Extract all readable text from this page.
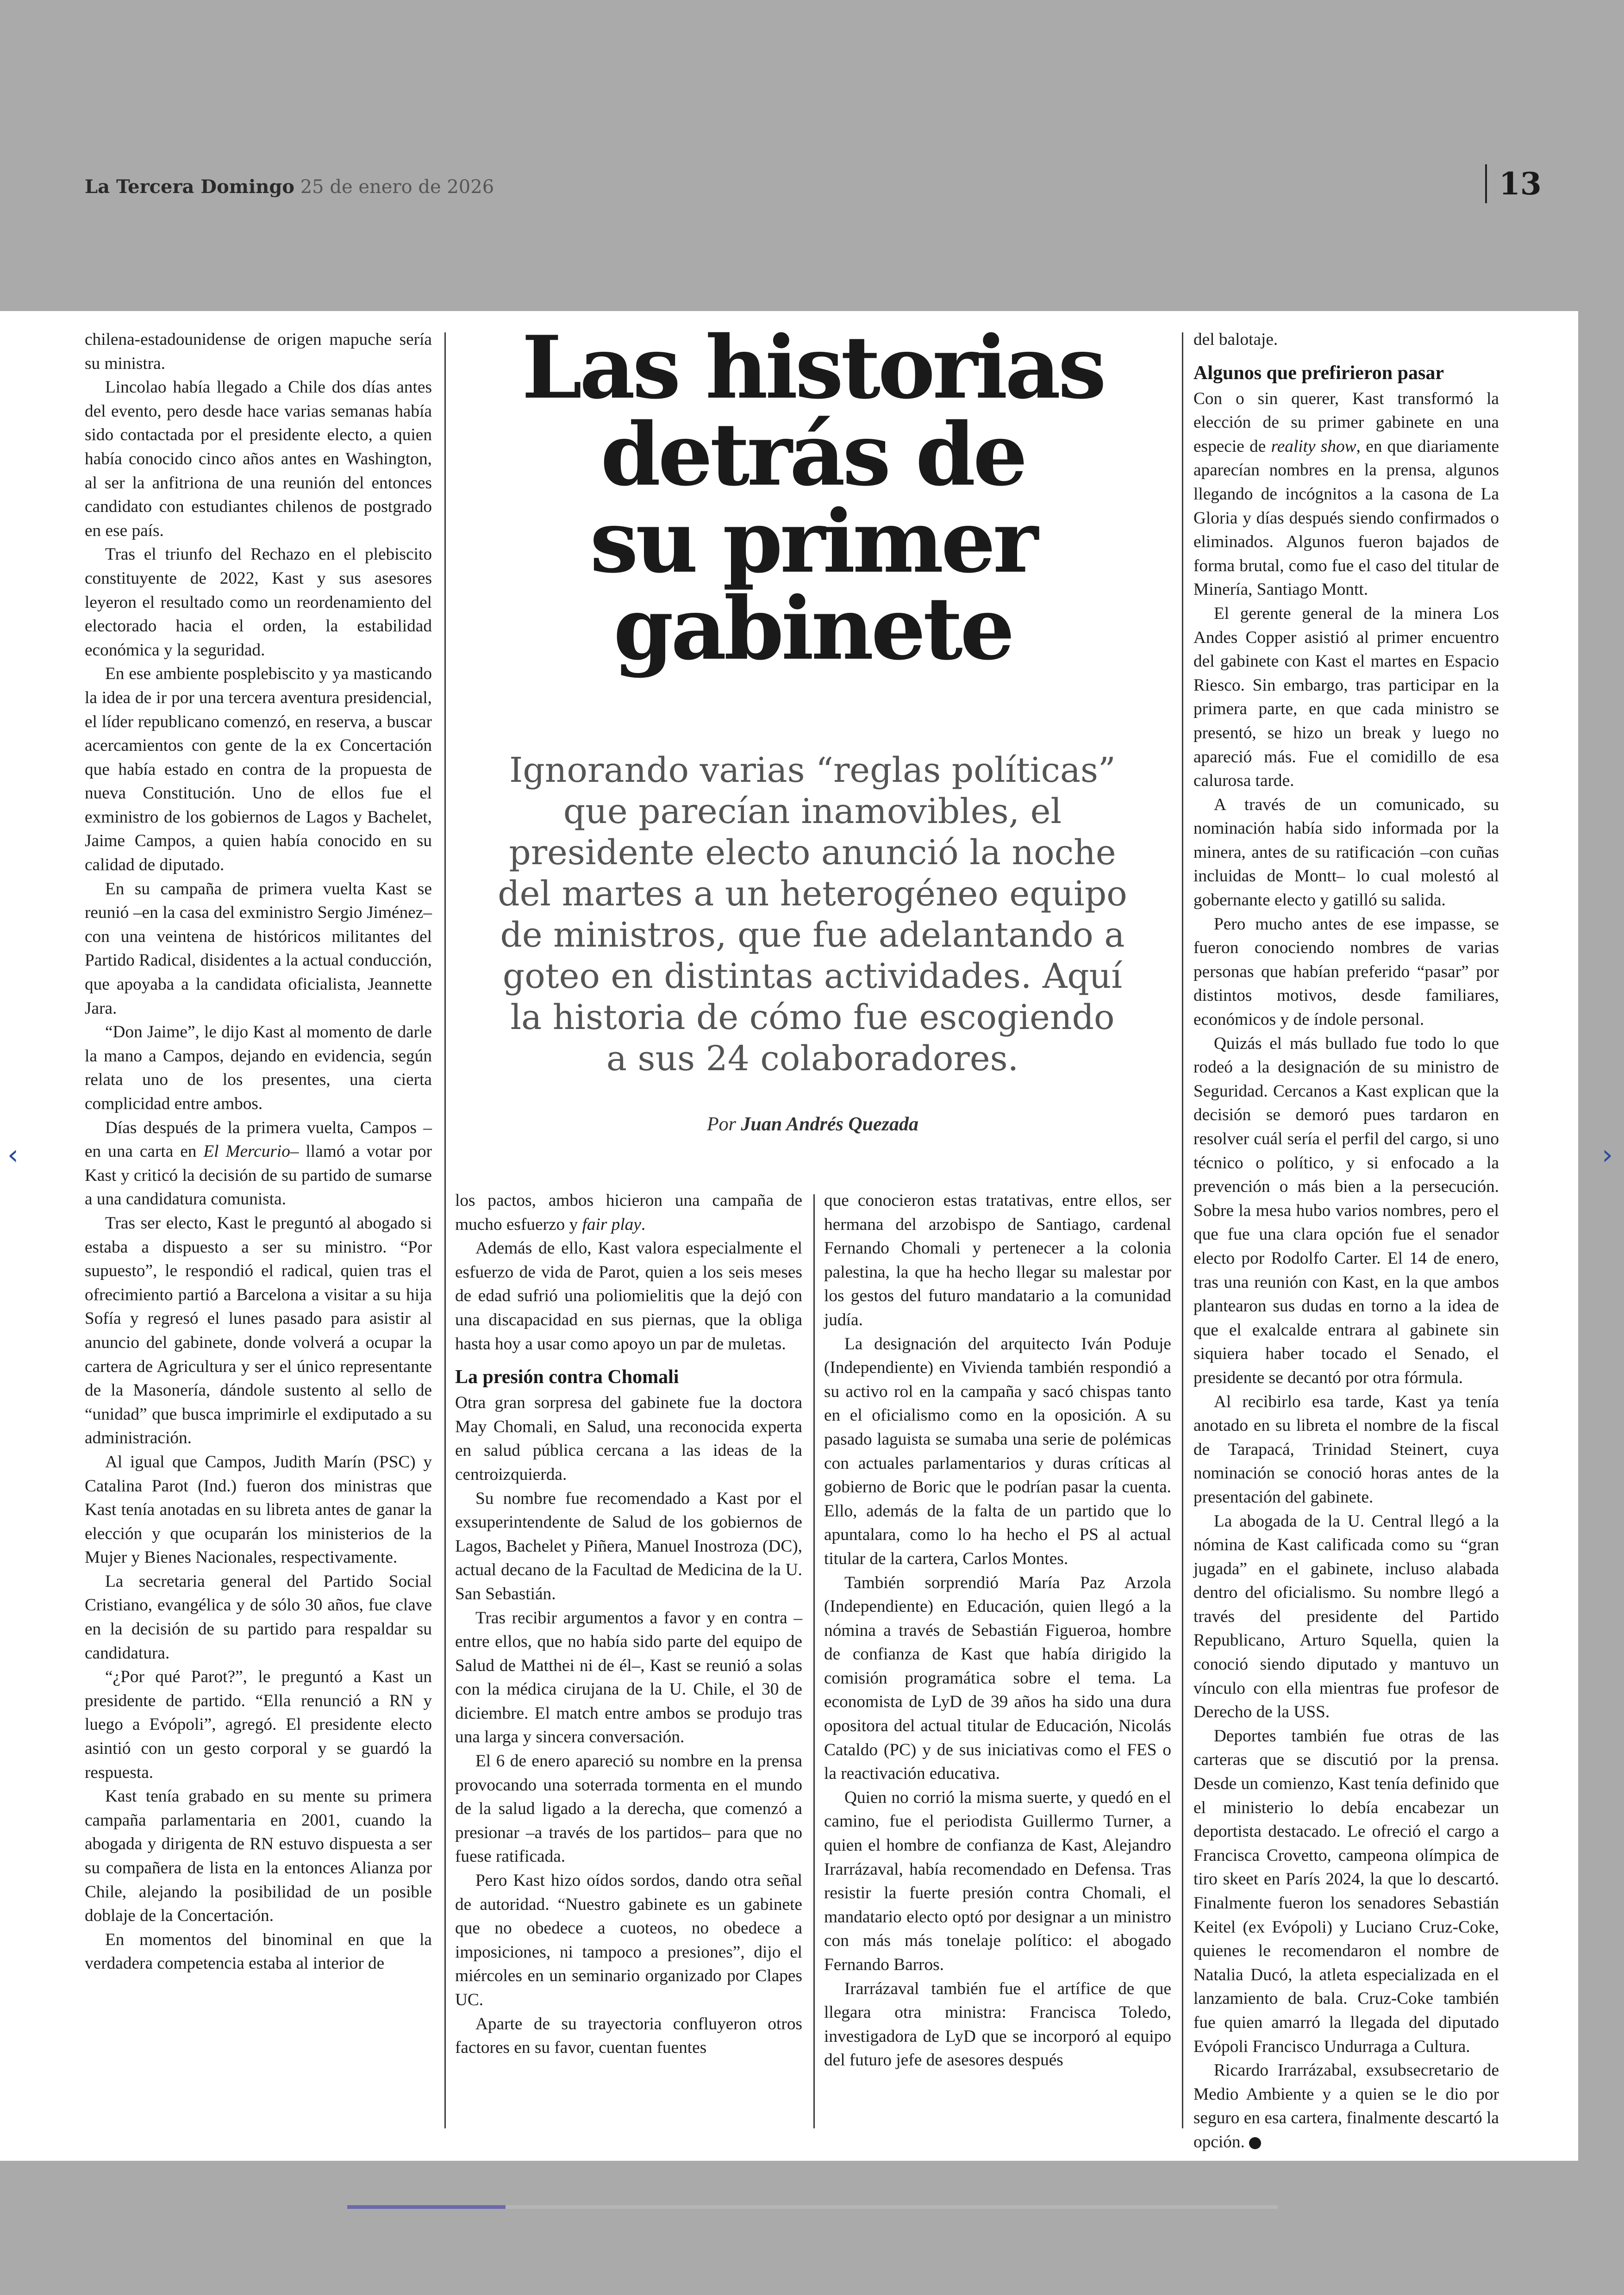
La Tercera Domingo 25 de enero de 2026	13
Las historias
detrás de
su primer
gabinete
Ignorando varias “reglas políticas” que parecían inamovibles, el presidente electo anunció la noche del martes a un heterogéneo equipo de ministros, que fue adelantando a goteo en distintas actividades. Aquí la historia de cómo fue escogiendo a sus 24 colaboradores.
Por Juan Andrés Quezada

chilena-estadounidense de origen mapuche sería su ministra.

Lincolao había llegado a Chile dos días antes del evento, pero desde hace varias semanas había sido contactada por el presidente electo, a quien había conocido cinco años antes en Washington, al ser la anfitriona de una reunión del entonces candidato con estudiantes chilenos de postgrado en ese país.

Tras el triunfo del Rechazo en el plebiscito constituyente de 2022, Kast y sus asesores leyeron el resultado como un reordenamiento del electorado hacia el orden, la estabilidad económica y la seguridad.

En ese ambiente posplebiscito y ya masticando la idea de ir por una tercera aventura presidencial, el líder republicano comenzó, en reserva, a buscar acercamientos con gente de la ex Concertación que había estado en contra de la propuesta de nueva Constitución. Uno de ellos fue el exministro de los gobiernos de Lagos y Bachelet, Jaime Campos, a quien había conocido en su calidad de diputado.

En su campaña de primera vuelta Kast se reunió –en la casa del exministro Sergio Jiménez– con una veintena de históricos militantes del Partido Radical, disidentes a la actual conducción, que apoyaba a la candidata oficialista, Jeannette Jara.

“Don Jaime”, le dijo Kast al momento de darle la mano a Campos, dejando en evidencia, según relata uno de los presentes, una cierta complicidad entre ambos.

Días después de la primera vuelta, Campos –en una carta en El Mercurio– llamó a votar por Kast y criticó la decisión de su partido de sumarse a una candidatura comunista.

Tras ser electo, Kast le preguntó al abogado si estaba a dispuesto a ser su ministro. “Por supuesto”, le respondió el radical, quien tras el ofrecimiento partió a Barcelona a visitar a su hija Sofía y regresó el lunes pasado para asistir al anuncio del gabinete, donde volverá a ocupar la cartera de Agricultura y ser el único representante de la Masonería, dándole sustento al sello de “unidad” que busca imprimirle el exdiputado a su administración.

Al igual que Campos, Judith Marín (PSC) y Catalina Parot (Ind.) fueron dos ministras que Kast tenía anotadas en su libreta antes de ganar la elección y que ocuparán los ministerios de la Mujer y Bienes Nacionales, respectivamente.

La secretaria general del Partido Social Cristiano, evangélica y de sólo 30 años, fue clave en la decisión de su partido para respaldar su candidatura.

“¿Por qué Parot?”, le preguntó a Kast un presidente de partido. “Ella renunció a RN y luego a Evópoli”, agregó. El presidente electo asintió con un gesto corporal y se guardó la respuesta.

Kast tenía grabado en su mente su primera campaña parlamentaria en 2001, cuando la abogada y dirigenta de RN estuvo dispuesta a ser su compañera de lista en la entonces Alianza por Chile, alejando la posibilidad de un posible doblaje de la Concertación.

En momentos del binominal en que la verdadera competencia estaba al interior de

los pactos, ambos hicieron una campaña de mucho esfuerzo y fair play.

Además de ello, Kast valora especialmente el esfuerzo de vida de Parot, quien a los seis meses de edad sufrió una poliomielitis que la dejó con una discapacidad en sus piernas, que la obliga hasta hoy a usar como apoyo un par de muletas.

La presión contra Chomali

Otra gran sorpresa del gabinete fue la doctora May Chomali, en Salud, una reconocida experta en salud pública cercana a las ideas de la centroizquierda.

Su nombre fue recomendado a Kast por el exsuperintendente de Salud de los gobiernos de Lagos, Bachelet y Piñera, Manuel Inostroza (DC), actual decano de la Facultad de Medicina de la U. San Sebastián.

Tras recibir argumentos a favor y en contra –entre ellos, que no había sido parte del equipo de Salud de Matthei ni de él–, Kast se reunió a solas con la médica cirujana de la U. Chile, el 30 de diciembre. El match entre ambos se produjo tras una larga y sincera conversación.

El 6 de enero apareció su nombre en la prensa provocando una soterrada tormenta en el mundo de la salud ligado a la derecha, que comenzó a presionar –a través de los partidos– para que no fuese ratificada.

Pero Kast hizo oídos sordos, dando otra señal de autoridad. “Nuestro gabinete es un gabinete que no obedece a cuoteos, no obedece a imposiciones, ni tampoco a presiones”, dijo el miércoles en un seminario organizado por Clapes UC.

Aparte de su trayectoria confluyeron otros factores en su favor, cuentan fuentes

que conocieron estas tratativas, entre ellos, ser hermana del arzobispo de Santiago, cardenal Fernando Chomali y pertenecer a la colonia palestina, la que ha hecho llegar su malestar por los gestos del futuro mandatario a la comunidad judía.

La designación del arquitecto Iván Poduje (Independiente) en Vivienda también respondió a su activo rol en la campaña y sacó chispas tanto en el oficialismo como en la oposición. A su pasado laguista se sumaba una serie de polémicas con actuales parlamentarios y duras críticas al gobierno de Boric que le podrían pasar la cuenta. Ello, además de la falta de un partido que lo apuntalara, como lo ha hecho el PS al actual titular de la cartera, Carlos Montes.

También sorprendió María Paz Arzola (Independiente) en Educación, quien llegó a la nómina a través de Sebastián Figueroa, hombre de confianza de Kast que había dirigido la comisión programática sobre el tema. La economista de LyD de 39 años ha sido una dura opositora del actual titular de Educación, Nicolás Cataldo (PC) y de sus iniciativas como el FES o la reactivación educativa.

Quien no corrió la misma suerte, y quedó en el camino, fue el periodista Guillermo Turner, a quien el hombre de confianza de Kast, Alejandro Irarrázaval, había recomendado en Defensa. Tras resistir la fuerte presión contra Chomali, el mandatario electo optó por designar a un ministro con más más tonelaje político: el abogado Fernando Barros.

Irarrázaval también fue el artífice de que llegara otra ministra: Francisca Toledo, investigadora de LyD que se incorporó al equipo del futuro jefe de asesores después

del balotaje.

Algunos que prefirieron pasar

Con o sin querer, Kast transformó la elección de su primer gabinete en una especie de reality show, en que diariamente aparecían nombres en la prensa, algunos llegando de incógnitos a la casona de La Gloria y días después siendo confirmados o eliminados. Algunos fueron bajados de forma brutal, como fue el caso del titular de Minería, Santiago Montt.

El gerente general de la minera Los Andes Copper asistió al primer encuentro del gabinete con Kast el martes en Espacio Riesco. Sin embargo, tras participar en la primera parte, en que cada ministro se presentó, se hizo un break y luego no apareció más. Fue el comidillo de esa calurosa tarde.

A través de un comunicado, su nominación había sido informada por la minera, antes de su ratificación –con cuñas incluidas de Montt– lo cual molestó al gobernante electo y gatilló su salida.

Pero mucho antes de ese impasse, se fueron conociendo nombres de varias personas que habían preferido “pasar” por distintos motivos, desde familiares, económicos y de índole personal.

Quizás el más bullado fue todo lo que rodeó a la designación de su ministro de Seguridad. Cercanos a Kast explican que la decisión se demoró pues tardaron en resolver cuál sería el perfil del cargo, si uno técnico o político, y si enfocado a la prevención o más bien a la persecución. Sobre la mesa hubo varios nombres, pero el que fue una clara opción fue el senador electo por Rodolfo Carter. El 14 de enero, tras una reunión con Kast, en la que ambos plantearon sus dudas en torno a la idea de que el exalcalde entrara al gabinete sin siquiera haber tocado el Senado, el presidente se decantó por otra fórmula.

Al recibirlo esa tarde, Kast ya tenía anotado en su libreta el nombre de la fiscal de Tarapacá, Trinidad Steinert, cuya nominación se conoció horas antes de la presentación del gabinete.

La abogada de la U. Central llegó a la nómina de Kast calificada como su “gran jugada” en el gabinete, incluso alabada dentro del oficialismo. Su nombre llegó a través del presidente del Partido Republicano, Arturo Squella, quien la conoció siendo diputado y mantuvo un vínculo con ella mientras fue profesor de Derecho de la USS.

Deportes también fue otras de las carteras que se discutió por la prensa. Desde un comienzo, Kast tenía definido que el ministerio lo debía encabezar un deportista destacado. Le ofreció el cargo a Francisca Crovetto, campeona olímpica de tiro skeet en París 2024, la que lo descartó. Finalmente fueron los senadores Sebastián Keitel (ex Evópoli) y Luciano Cruz-Coke, quienes le recomendaron el nombre de Natalia Ducó, la atleta especializada en el lanzamiento de bala. Cruz-Coke también fue quien amarró la llegada del diputado Evópoli Francisco Undurraga a Cultura.

Ricardo Irarrázabal, exsubsecretario de Medio Ambiente y a quien se le dio por seguro en esa cartera, finalmente descartó la opción.	Ⓟ

‹	›
